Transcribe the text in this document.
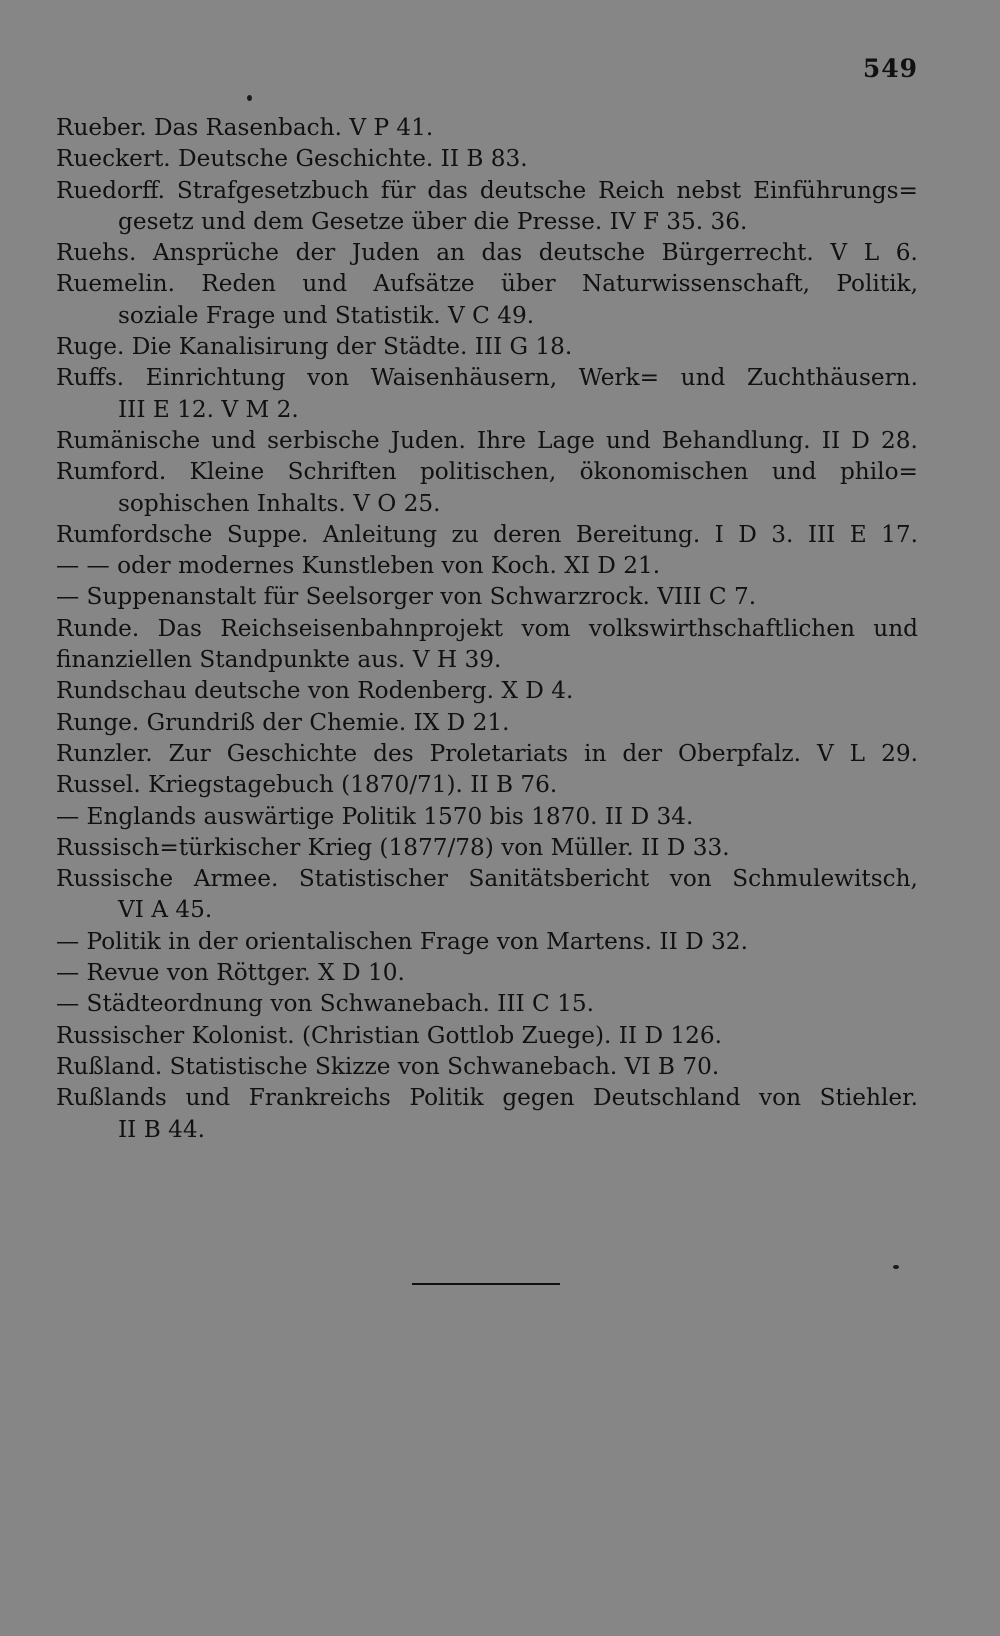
549
Rueber. Das Rasenbach. V P 41.
Rueckert. Deutsche Geschichte. II B 83.
Ruedorff. Strafgesetzbuch für das deutsche Reich nebst Einführungs=
gesetz und dem Gesetze über die Presse. IV F 35. 36.
Ruehs. Ansprüche der Juden an das deutsche Bürgerrecht. V L 6.
Ruemelin. Reden und Aufsätze über Naturwissenschaft, Politik,
soziale Frage und Statistik. V C 49.
Ruge. Die Kanalisirung der Städte. III G 18.
Ruffs. Einrichtung von Waisenhäusern, Werk= und Zuchthäusern.
III E 12. V M 2.
Rumänische und serbische Juden. Ihre Lage und Behandlung. II D 28.
Rumford. Kleine Schriften politischen, ökonomischen und philo=
sophischen Inhalts. V O 25.
Rumfordsche Suppe. Anleitung zu deren Bereitung. I D 3. III E 17.
— — oder modernes Kunstleben von Koch. XI D 21.
— Suppenanstalt für Seelsorger von Schwarzrock. VIII C 7.
Runde. Das Reichseisenbahnprojekt vom volkswirthschaftlichen und
finanziellen Standpunkte aus. V H 39.
Rundschau deutsche von Rodenberg. X D 4.
Runge. Grundriß der Chemie. IX D 21.
Runzler. Zur Geschichte des Proletariats in der Oberpfalz. V L 29.
Russel. Kriegstagebuch (1870/71). II B 76.
— Englands auswärtige Politik 1570 bis 1870. II D 34.
Russisch=türkischer Krieg (1877/78) von Müller. II D 33.
Russische Armee. Statistischer Sanitätsbericht von Schmulewitsch,
VI A 45.
— Politik in der orientalischen Frage von Martens. II D 32.
— Revue von Röttger. X D 10.
— Städteordnung von Schwanebach. III C 15.
Russischer Kolonist. (Christian Gottlob Zuege). II D 126.
Rußland. Statistische Skizze von Schwanebach. VI B 70.
Rußlands und Frankreichs Politik gegen Deutschland von Stiehler.
II B 44.
